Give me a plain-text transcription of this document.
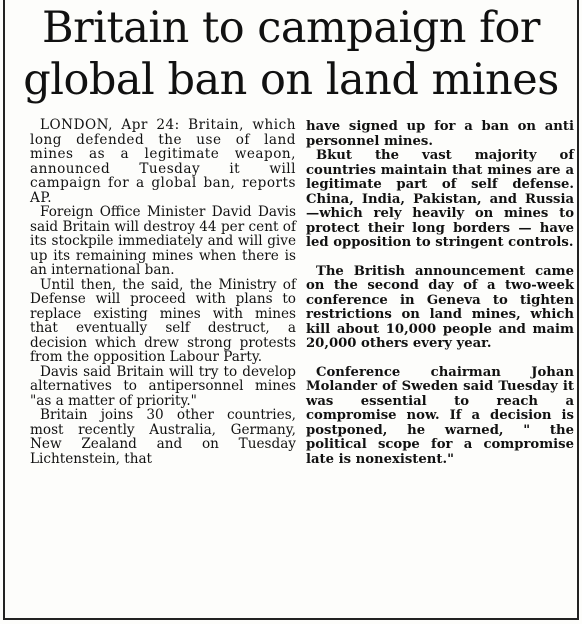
Britain to campaign for
global ban on land mines

LONDON, Apr 24: Britain, which long defended the use of land mines as a legitimate weapon, announced Tuesday it will campaign for a global ban, reports AP.

Foreign Office Minister David Davis said Britain will destroy 44 per cent of its stockpile immediately and will give up its remaining mines when there is an international ban.

Until then, the said, the Ministry of Defense will proceed with plans to replace existing mines with mines that eventually self destruct, a decision which drew strong protests from the opposition Labour Party.

Davis said Britain will try to develop alternatives to antipersonnel mines "as a matter of priority."

Britain joins 30 other countries, most recently Australia, Germany, New Zealand and on Tuesday Lichtenstein, that

have signed up for a ban on anti personnel mines.

Bkut the vast majority of countries maintain that mines are a legitimate part of self defense. China, India, Pakistan, and Russia —which rely heavily on mines to protect their long borders — have led opposition to stringent controls.

The British announcement came on the second day of a two-week conference in Geneva to tighten restrictions on land mines, which kill about 10,000 people and maim 20,000 others every year.

Conference chairman Johan Molander of Sweden said Tuesday it was essential to reach a compromise now. If a decision is postponed, he warned, " the political scope for a compromise late is nonexistent."
